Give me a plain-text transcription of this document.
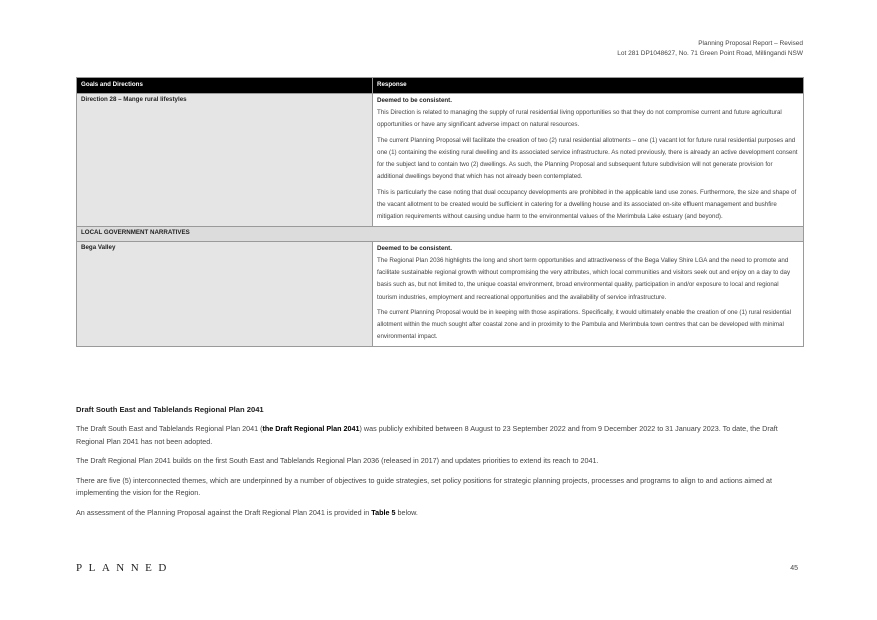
Planning Proposal Report – Revised
Lot 281 DP1048627, No. 71 Green Point Road, Millingandi NSW
Goals and Directions	Response
Direction 28 – Mange rural lifestyles	Deemed to be consistent.

This Direction is related to managing the supply of rural residential living opportunities so that they do not compromise current and future agricultural opportunities or have any significant adverse impact on natural resources.

The current Planning Proposal will facilitate the creation of two (2) rural residential allotments – one (1) vacant lot for future rural residential purposes and one (1) containing the existing rural dwelling and its associated service infrastructure. As noted previously, there is already an active development consent for the subject land to contain two (2) dwellings. As such, the Planning Proposal and subsequent future subdivision will not generate provision for additional dwellings beyond that which has not already been contemplated.

This is particularly the case noting that dual occupancy developments are prohibited in the applicable land use zones. Furthermore, the size and shape of the vacant allotment to be created would be sufficient in catering for a dwelling house and its associated on-site effluent management and bushfire mitigation requirements without causing undue harm to the environmental values of the Merimbula Lake estuary (and beyond).

LOCAL GOVERNMENT NARRATIVES	
Bega Valley	Deemed to be consistent.

The Regional Plan 2036 highlights the long and short term opportunities and attractiveness of the Bega Valley Shire LGA and the need to promote and facilitate sustainable regional growth without compromising the very attributes, which local communities and visitors seek out and enjoy on a day to day basis such as, but not limited to, the unique coastal environment, broad environmental quality, participation in and/or exposure to local and regional tourism industries, employment and recreational opportunities and the availability of service infrastructure.

The current Planning Proposal would be in keeping with those aspirations. Specifically, it would ultimately enable the creation of one (1) rural residential allotment within the much sought after coastal zone and in proximity to the Pambula and Merimbula town centres that can be developed with minimal environmental impact.

Draft South East and Tablelands Regional Plan 2041

The Draft South East and Tablelands Regional Plan 2041 (the Draft Regional Plan 2041) was publicly exhibited between 8 August to 23 September 2022 and from 9 December 2022 to 31 January 2023. To date, the Draft Regional Plan 2041 has not been adopted.

The Draft Regional Plan 2041 builds on the first South East and Tablelands Regional Plan 2036 (released in 2017) and updates priorities to extend its reach to 2041.

There are five (5) interconnected themes, which are underpinned by a number of objectives to guide strategies, set policy positions for strategic planning projects, processes and programs to align to and actions aimed at implementing the vision for the Region.

An assessment of the Planning Proposal against the Draft Regional Plan 2041 is provided in Table 5 below.

PLANNED	45
